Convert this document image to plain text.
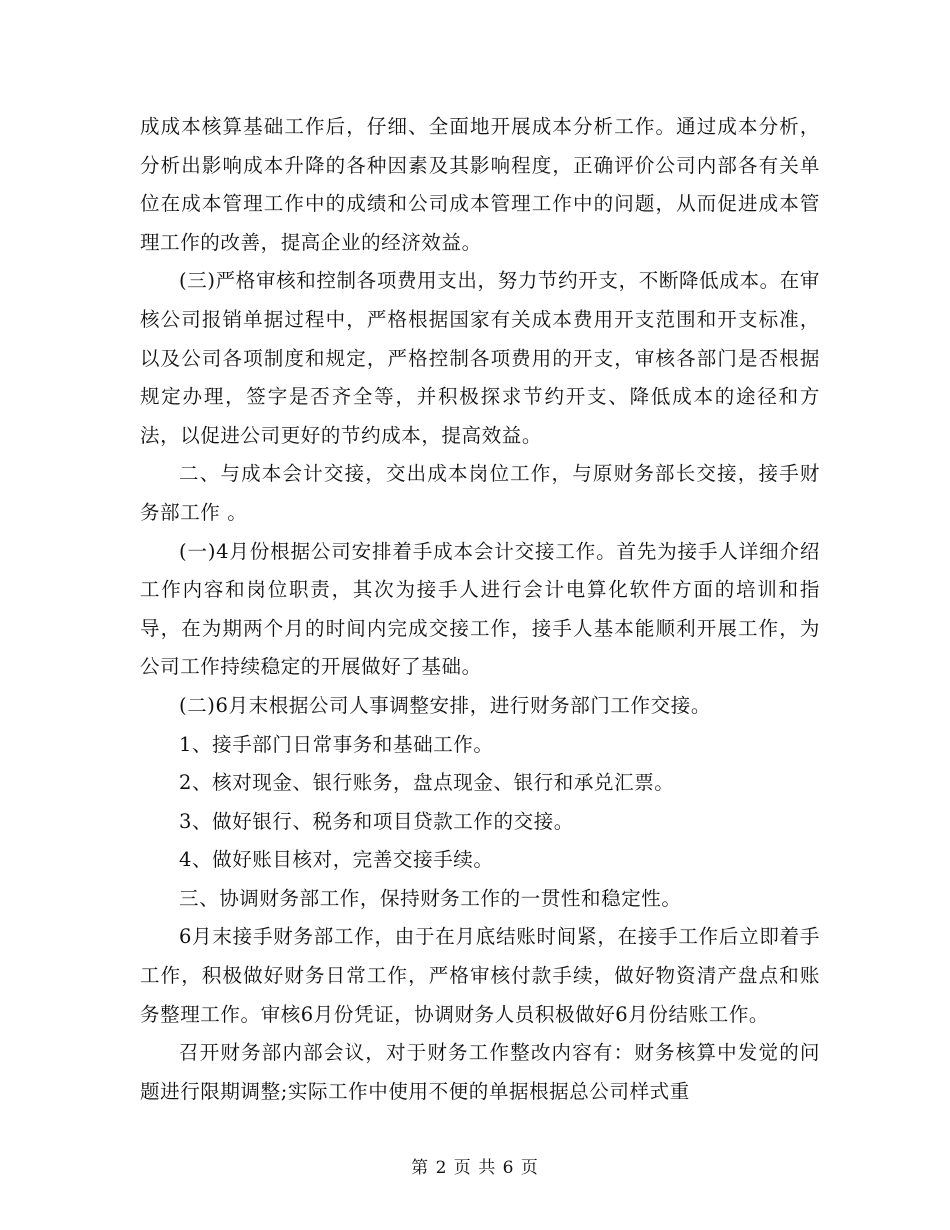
成成本核算基础工作后，仔细、全面地开展成本分析工作。通过成本分析，分析出影响成本升降的各种因素及其影响程度，正确评价公司内部各有关单位在成本管理工作中的成绩和公司成本管理工作中的问题，从而促进成本管理工作的改善，提高企业的经济效益。

(三)严格审核和控制各项费用支出，努力节约开支，不断降低成本。在审核公司报销单据过程中，严格根据国家有关成本费用开支范围和开支标准，以及公司各项制度和规定，严格控制各项费用的开支，审核各部门是否根据规定办理，签字是否齐全等，并积极探求节约开支、降低成本的途径和方法，以促进公司更好的节约成本，提高效益。

二、与成本会计交接，交出成本岗位工作，与原财务部长交接，接手财务部工作 。

(一)4月份根据公司安排着手成本会计交接工作。首先为接手人详细介绍工作内容和岗位职责，其次为接手人进行会计电算化软件方面的培训和指导，在为期两个月的时间内完成交接工作，接手人基本能顺利开展工作，为公司工作持续稳定的开展做好了基础。

(二)6月末根据公司人事调整安排，进行财务部门工作交接。

1、接手部门日常事务和基础工作。

2、核对现金、银行账务，盘点现金、银行和承兑汇票。

3、做好银行、税务和项目贷款工作的交接。

4、做好账目核对，完善交接手续。

三、协调财务部工作，保持财务工作的一贯性和稳定性。

6月末接手财务部工作，由于在月底结账时间紧，在接手工作后立即着手工作，积极做好财务日常工作，严格审核付款手续，做好物资清产盘点和账务整理工作。审核6月份凭证，协调财务人员积极做好6月份结账工作。

召开财务部内部会议，对于财务工作整改内容有：财务核算中发觉的问题进行限期调整;实际工作中使用不便的单据根据总公司样式重

第 2 页 共 6 页
